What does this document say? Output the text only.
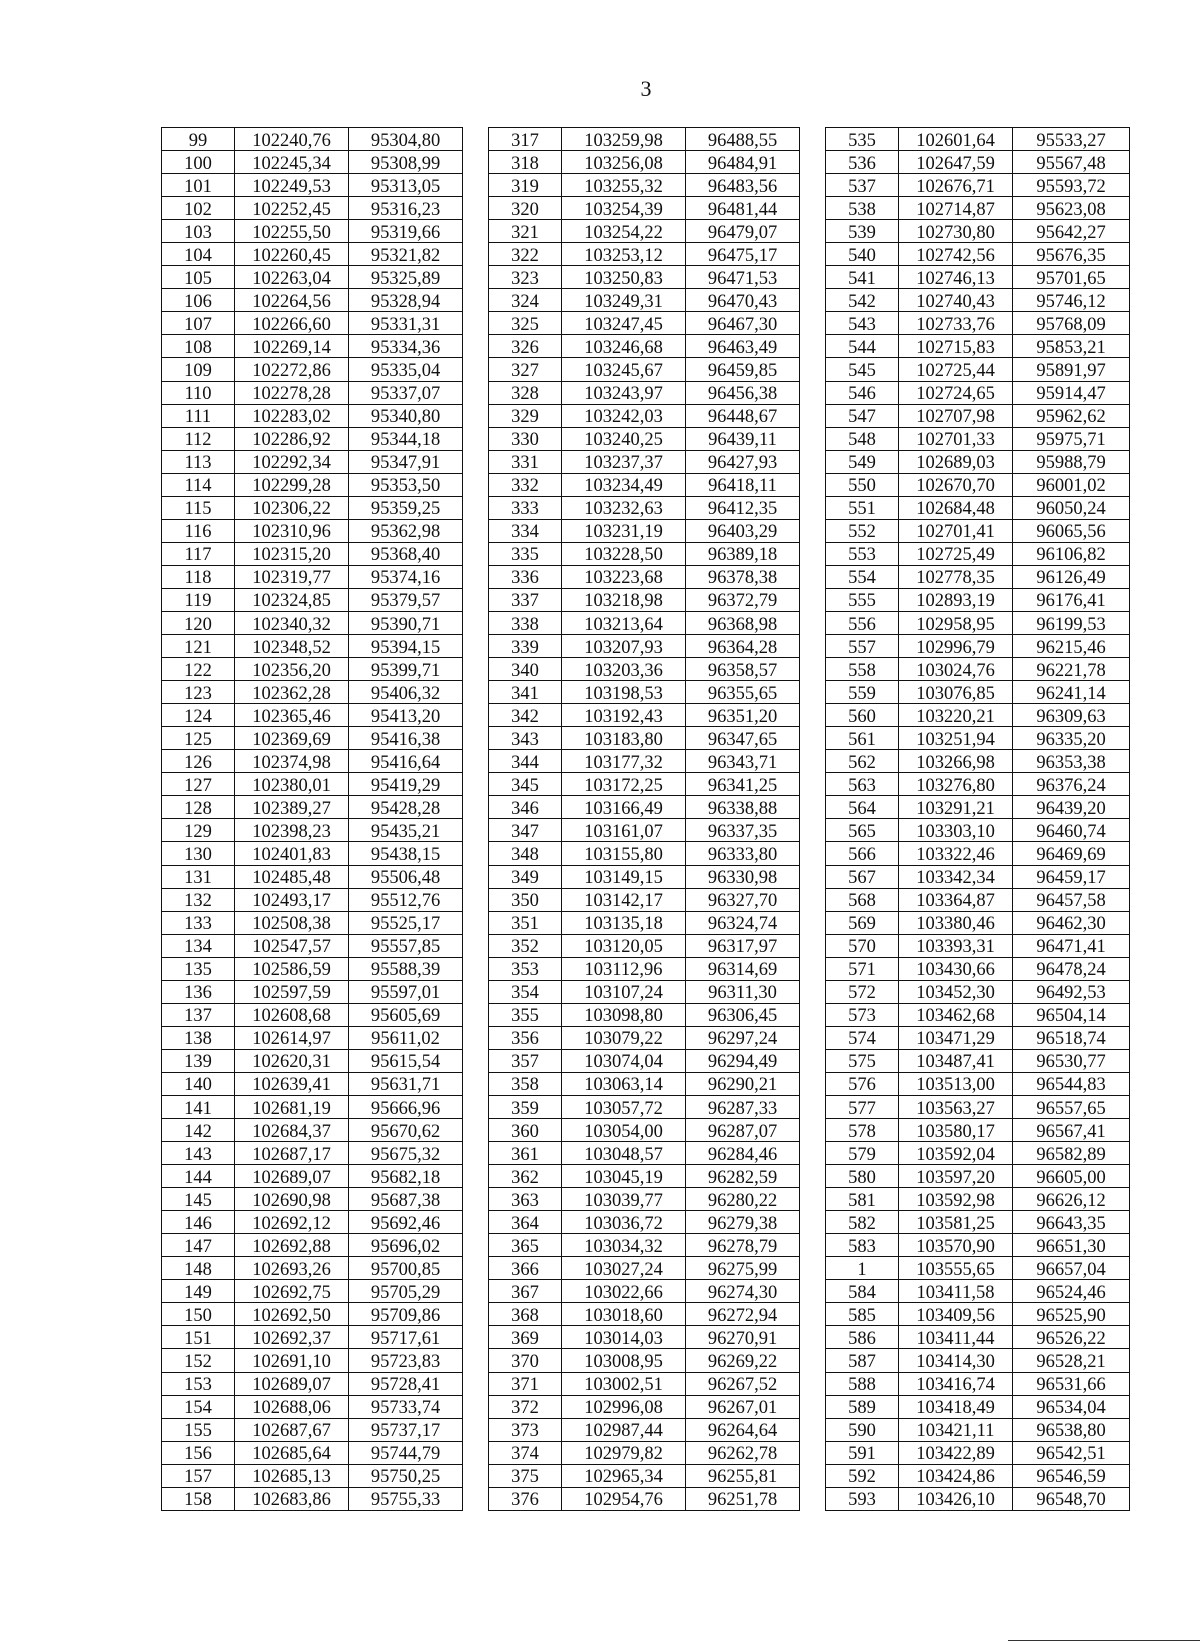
3
99	102240,76	95304,80		317	103259,98	96488,55		535	102601,64	95533,27
100	102245,34	95308,99		318	103256,08	96484,91		536	102647,59	95567,48
101	102249,53	95313,05		319	103255,32	96483,56		537	102676,71	95593,72
102	102252,45	95316,23		320	103254,39	96481,44		538	102714,87	95623,08
103	102255,50	95319,66		321	103254,22	96479,07		539	102730,80	95642,27
104	102260,45	95321,82		322	103253,12	96475,17		540	102742,56	95676,35
105	102263,04	95325,89		323	103250,83	96471,53		541	102746,13	95701,65
106	102264,56	95328,94		324	103249,31	96470,43		542	102740,43	95746,12
107	102266,60	95331,31		325	103247,45	96467,30		543	102733,76	95768,09
108	102269,14	95334,36		326	103246,68	96463,49		544	102715,83	95853,21
109	102272,86	95335,04		327	103245,67	96459,85		545	102725,44	95891,97
110	102278,28	95337,07		328	103243,97	96456,38		546	102724,65	95914,47
111	102283,02	95340,80		329	103242,03	96448,67		547	102707,98	95962,62
112	102286,92	95344,18		330	103240,25	96439,11		548	102701,33	95975,71
113	102292,34	95347,91		331	103237,37	96427,93		549	102689,03	95988,79
114	102299,28	95353,50		332	103234,49	96418,11		550	102670,70	96001,02
115	102306,22	95359,25		333	103232,63	96412,35		551	102684,48	96050,24
116	102310,96	95362,98		334	103231,19	96403,29		552	102701,41	96065,56
117	102315,20	95368,40		335	103228,50	96389,18		553	102725,49	96106,82
118	102319,77	95374,16		336	103223,68	96378,38		554	102778,35	96126,49
119	102324,85	95379,57		337	103218,98	96372,79		555	102893,19	96176,41
120	102340,32	95390,71		338	103213,64	96368,98		556	102958,95	96199,53
121	102348,52	95394,15		339	103207,93	96364,28		557	102996,79	96215,46
122	102356,20	95399,71		340	103203,36	96358,57		558	103024,76	96221,78
123	102362,28	95406,32		341	103198,53	96355,65		559	103076,85	96241,14
124	102365,46	95413,20		342	103192,43	96351,20		560	103220,21	96309,63
125	102369,69	95416,38		343	103183,80	96347,65		561	103251,94	96335,20
126	102374,98	95416,64		344	103177,32	96343,71		562	103266,98	96353,38
127	102380,01	95419,29		345	103172,25	96341,25		563	103276,80	96376,24
128	102389,27	95428,28		346	103166,49	96338,88		564	103291,21	96439,20
129	102398,23	95435,21		347	103161,07	96337,35		565	103303,10	96460,74
130	102401,83	95438,15		348	103155,80	96333,80		566	103322,46	96469,69
131	102485,48	95506,48		349	103149,15	96330,98		567	103342,34	96459,17
132	102493,17	95512,76		350	103142,17	96327,70		568	103364,87	96457,58
133	102508,38	95525,17		351	103135,18	96324,74		569	103380,46	96462,30
134	102547,57	95557,85		352	103120,05	96317,97		570	103393,31	96471,41
135	102586,59	95588,39		353	103112,96	96314,69		571	103430,66	96478,24
136	102597,59	95597,01		354	103107,24	96311,30		572	103452,30	96492,53
137	102608,68	95605,69		355	103098,80	96306,45		573	103462,68	96504,14
138	102614,97	95611,02		356	103079,22	96297,24		574	103471,29	96518,74
139	102620,31	95615,54		357	103074,04	96294,49		575	103487,41	96530,77
140	102639,41	95631,71		358	103063,14	96290,21		576	103513,00	96544,83
141	102681,19	95666,96		359	103057,72	96287,33		577	103563,27	96557,65
142	102684,37	95670,62		360	103054,00	96287,07		578	103580,17	96567,41
143	102687,17	95675,32		361	103048,57	96284,46		579	103592,04	96582,89
144	102689,07	95682,18		362	103045,19	96282,59		580	103597,20	96605,00
145	102690,98	95687,38		363	103039,77	96280,22		581	103592,98	96626,12
146	102692,12	95692,46		364	103036,72	96279,38		582	103581,25	96643,35
147	102692,88	95696,02		365	103034,32	96278,79		583	103570,90	96651,30
148	102693,26	95700,85		366	103027,24	96275,99		1	103555,65	96657,04
149	102692,75	95705,29		367	103022,66	96274,30		584	103411,58	96524,46
150	102692,50	95709,86		368	103018,60	96272,94		585	103409,56	96525,90
151	102692,37	95717,61		369	103014,03	96270,91		586	103411,44	96526,22
152	102691,10	95723,83		370	103008,95	96269,22		587	103414,30	96528,21
153	102689,07	95728,41		371	103002,51	96267,52		588	103416,74	96531,66
154	102688,06	95733,74		372	102996,08	96267,01		589	103418,49	96534,04
155	102687,67	95737,17		373	102987,44	96264,64		590	103421,11	96538,80
156	102685,64	95744,79		374	102979,82	96262,78		591	103422,89	96542,51
157	102685,13	95750,25		375	102965,34	96255,81		592	103424,86	96546,59
158	102683,86	95755,33		376	102954,76	96251,78		593	103426,10	96548,70
